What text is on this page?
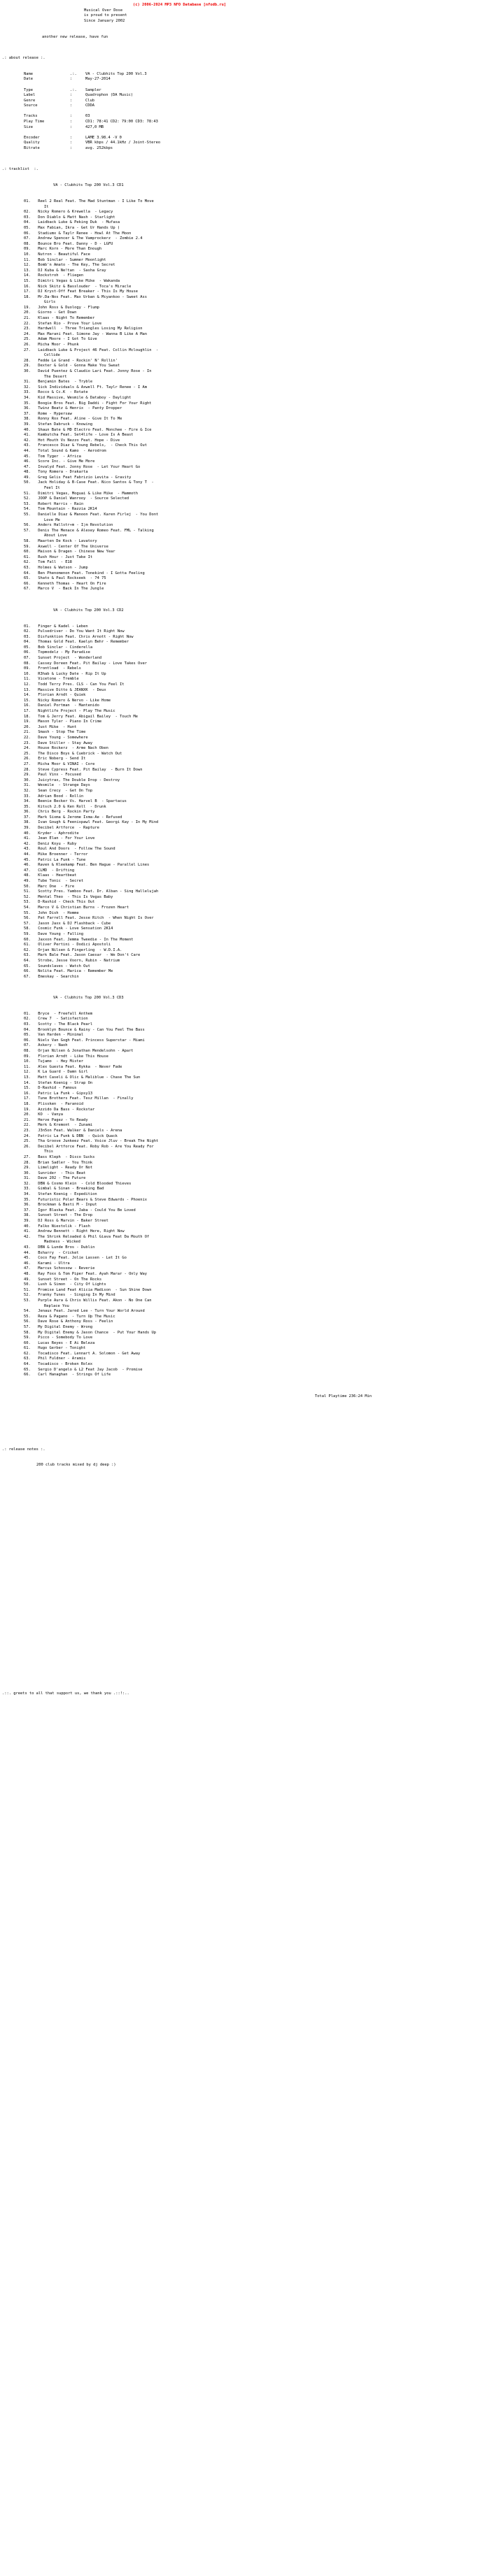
(c) 2006-2024 MP3 NFO Database [nfodb.ru]
Musical Over Dose
is proud to present
Since January 2002
another new release, have fun
.: about release :.
Name	.:.	VA - Clubhits Top 200 Vol.3
Date	:	May-27-2014

Type	.:.	Sampler
Label	:	Quadrophon (DA Music)
Genre	:	Club
Source	:	CDDA

Tracks	:	03
Play Time	:	CD1: 78:41 CD2: 79:00 CD3: 78:43
Size	:	427,0 MB

Encoder	:	LAME 3.98.4 -V 0
Quality	:	VBR kbps / 44.1kHz / Joint-Stereo
Bitrate	:	avg. 252kbps
.: tracklist  :.
VA - Clubhits Top 200 Vol.3 CD1
01. Reel 2 Real Feat. The Mad Stuntman - I Like To Move
It
02. Nicky Romero & Krewella  - Legacy
03. Don Diablo & Matt Nash - Starlight
04. Laidback Luke & Peking Duk  - Mufasa
05. Max Fabian, Ikra - Get Ur Hands Up )
06. Stadiumx & Taylr Renee - Howl At The Moon
07. Andrew Spencer & The Vamprockerz  - Zombie 2.4
08. Bounce Bro Feat. Danny - D - LGFU
09. Marc Korn - More Than Enough
10. Nutron - Beautiful Face
11. Bob Sinclar - Summer Moonlight
12. Bomb'n Amato - The Key, The Secret
13. DJ Kuba & Ne!tan  - Sasha Gray
14. Rockstroh  - Fliegen
15. Dimitri Vegas & Like Mike  - Wakanda
16. Nick Skitz & Basslouder  - Toca's Miracle
17. DJ Kryst-Off Feat Breaker - This Is My House
18. Mr.Da-Nos Feat. Max Urban & Mcyankoo - Sweet Ass
Girls
19. John Ross & Duology - Flump
20. Giorno - Get Down
21. Klaas - Night To Remember
22. Stefan Rio - Prove Your Love
23. Hardwell  - Three Triangles Losing My Religion
24. Max Marani Feat. Simone Jay - Wanna B Like A Man
25. Adam Moore - I Got To Give
26. Micha Moor - Phunk
27. Laidback Luke & Project 46 Feat. Collin Mcloughlin  -
Collide
28. Fedde Le Grand - Rockin' N' Rollin'
29. Dexter & Gold - Gonna Make You Sweat
30. David Puentez & Claudio Lari Feat. Jonny Rose - In
The Desert
31. Benjamin Bates  - Tryble
32. Sick Individuals & Axwell Ft. Taylr Renee - I Am
33. Rocco & Cc.K  - Rotate
34. Kid Massive, Wesmile & Databoy - Daylight
35. Boogie Bros Feat. Big Daddi - Fight For Your Right
36. Twinz Beatz & Henrix  - Panty Dropper
37. Rome - Hypersaw
38. Ronny Rox Feat. Aline - Give It To Me
39. Stefan Dabruck - Knowing
40. Shaun Bate & MD Electro Feat. Monchee - Fire & Ice
41. Kambutcha Feat. Set4life - Love Is A Beast
42. Hot Mouth Vs Nezzo Feat. Hope - Dive
43. Francesco Diaz & Young Rebels,  - Check This Out
44. Total Sound & Kamo  - Aerodrom
45. Tom Tyger  - Africa
46. Score Inc. - Give Me More
47. Invalyd Feat. Jonny Rose  - Let Your Heart Go
48. Tony Romera - Drakarta
49. Greg Gelis Feat Fabrizio Levita - Gravity
50. Jack Holiday & B-Case Feat. Nico Santos & Tony T  -
Feel It
51. Dimitri Vegas, Moguai & Like Mike  - Mammoth
52. JOOP & Daniel Wanrooy  - Source Selected
53. Robert Harris - Rain
54. Tom Mountain - Razzia 2K14
55. Danielle Diaz & Manoon Feat. Karen Firlej  - You Dont
Love Me
56. Anders Hallstr÷m - I¦m Revolution
57. Denis The Menace & Alexey Romeo Feat. FML - Talking
About Love
58. Maarten De Kock - Lavatory
59. Axwell - Center Of The Universe
60. Maison & Dragen - Chinese New Year
61. Rush Hour - Just Take It
62. Tom Fall  - E18
63. Holmes & Watson - Jump
64. Ben Phenomenon Feat. Tonekind - I Gotta Feeling
65. Shato & Paul Rockseek  - 74 75
66. Kenneth Thomas - Heart On Fire
67. Marco V  - Back In The Jungle
VA - Clubhits Top 200 Vol.3 CD2
01. Finger & Kadel - Leben
02. Pulsedriver - Do You Want It Right Now
03. Disfunktion Feat. Chris Arnott - Right Now
04. Thomas Gold Feat. Kaelyn Behr - Remember
05. Bob Sinclar - Cinderella
06. Topmodelz - My Paradise
07. Sunset Project  - Wonderland
08. Cassey Doreen Feat. Pit Bailay - Love Takes Over
09. Frontload  - Rebels
10. R3hab & Lucky Date - Rip It Up
11. Vicetone - Tremble
12. Todd Terry Pres. CLS - Can You Feel It
13. Massive Ditto & JEANXK  - Deux
14. Florian Arndt - Quiek
15. Nicky Romero & Nervo - Like Home
16. Daniel Portman  - Mantenido
17. Nightlife Project - Play The Music
18. Tom & Jerry Feat. Abigail Bailey  - Touch Me
19. Mason Tyler - Piano In Crime
20. Just Mike  - Hunt
21. Smash - Stop The Time
22. Dave Young - Somewhere
23. Dave Stiller - Stay Away
24. House Rockerz  - Arme Nach Oben
25. The Disco Boys & Cuebrick - Watch Out
26. Eric Noberg - Send It
27. Micha Moor & VINAI - Core
28. Steve Cypress Feat. Pit Bailay  - Burn It Down
29. Paul Vinx - Focused
30. Juicytrax, The Double Drop - Destroy
31. Wesmile  - Strange Days
32. Sean Crecy  - Get On Top
33. Adrian Bood - Rollin
34. Beenie Becker Vs. Harvel B  - Spartacus
35. Kitsch 2.0 & Ken Roll  - Drunk
36. Chris Berg - Rockin Party
37. Mark Sixma & Jerome Isma-Ae - Refused
38. Ivan Gough & Feenixpawl Feat. Georgi Kay - In My Mind
39. Decibel Artforce  - Rapture
40. Kryder - Aphrodite
41. Jean Elan - For Your Love
42. Deniz Koyu - Ruby
43. Roul And Doors  - Follow The Sound
44. Mike Broenner - Terror
45. Patric La Funk - Tune
46. Raven & Kleekamp Feat. Ben Hague - Parallel Lines
47. CLMD  - Drifting
48. Klaas - Heartbeat
49. Tube Tonic  - Secret
50. Marc One  - Fire
51. Scotty Pres. Yamboo Feat. Dr. Alban - Sing Hallelujah
52. Mental Theo  - This Is Vegas Baby
53. D-Rashid - Check This Out
54. Marco V & Christian Burns - Frozen Heart
55. John Dish  - Homme
56. Pat Farrell Feat. Jesse Ritch  - When Night Is Over
57. Jason Jaxx & DJ Flashback - Cube
58. Cosmic Funk - Love Sensation 2K14
59. Dave Young - Falling
60. Jaxxon Feat. Jemma Tweedie - In The Moment
61. Oliver Pertini - Dodici Apostoli
62. Orjan Nilsen & Fingerling  - W.D.I.A.
63. Mark Bale Feat. Jason Caesar  - We Don't Care
64. Strobe, Jesse Voorn, Rubin - Natrium
65. Soundslaves - Watch Out
66. Nolita Feat. Marica - Remember Me
67. Emeskay - Searchin
VA - Clubhits Top 200 Vol.3 CD3
01. Bryce  - Freefall Anthem
02. Crew 7  - Satisfaction
03. Scotty - The Black Pearl
04. Brooklyn Bounce & Rainy - Can You Feel The Bass
05. Van Harden - Minimal
06. Niels Van Gogh Feat. Princess Superstar - Miami
07. Askery - Naoh
08. Orjan Nilsen & Jonathan Mendelsohn - Apart
09. Florian Arndt - Like This House
10. Tujamo  - Hey Mister
11. Alex Guesta Feat. Rykka  - Never Fade
12. K La Guard - Damn Girl
13. Matt Caseli & Olic & Maliblue - Chase The Sun
14. Stefan Koenig - Strap On
15. D-Rashid - Famous
16. Patric La Funk - Gipsy13
17. Tune Brothers Feat. Tesz Millan  - Finally
18. Plissken  - Paranoid
19. Azzido Da Bass - Rockstar
20. KO  - Vanya
21. Herve Pagez - Yo Ready
22. Merk & Kremont  - Zunami
23. J3n5on Feat. Walker & Daniels - Arena
24. Patric La Funk & DBN  - Quick Quack
25. Tha Groove Junkeez Feat. Voice Jluv - Break The Night
26. Decibel Artforce Feat. Roby Rob - Are You Ready For
This
27. Bass Kleph  - Disco Sucks
28. Brian Sadler - You Think
29. Limelight - Ready Or Not
30. Sunrider  - This Beat
31. Dave 202 - The Future
32. DBN & Cosmo Klein  - Cold Blooded Thieves
33. Gimbal & Sinan - Breaking Bad
34. Stefan Koenig - Expedition
35. Futuristic Polar Bears & Steve Edwards - Phoenix
36. Brockman & Basti M - Input
37. Igor Blaska Feat. Jaba - Could You Be Loved
38. Sunset Street - The Drop
39. DJ Ross & Marvin - Baker Street
40. Falko Niestolik - Flash
41. Andrew Bennett - Right Here, Right Now
42. The Shrink Reloaded & Phil Giava Feat Da Mouth Of
Madness - Wicked
43. DBN & Lunde Bros - Dublin
44. Bsharry  - Cricket
45. Coco Fay Feat. Jolie Lassen - Let It Go
46. Karami - Ultra
47. Marcus Schossow - Reverie
48. Ray Foxx & Tom Piper Feat. Ayah Marar - Only Way
49. Sunset Street - On The Rocks
50. Lush & Simon  - City Of Lights
51. Promise Land Feat Alicia Madison  - Sun Shine Down
52. Franky Tunes  - Singing In My Mind
53. Purple Aura & Chris Willis Feat. Akon - No One Can
Replace You
54. Jenaux Feat. Jared Lee - Turn Your World Around
55. Reza & Pagano  - Turn Up The Music
56. Dave Rose & Anthony Ross - Feelin
57. My Digital Enemy - Wrong
58. My Digital Enemy & Jason Chance  - Put Your Hands Up
59. Picco - Somebody To Love
60. Lucas Reyes - E Ai Beleza
61. Hugo Gerber - Tonight
62. Tocadisco Feat. Lennart A. Solomon - Get Away
63. Phil Fuldner - Aramis
64. Tocadisco - Broken Rolex
65. Sergio D'angelo & L2 Feat Jay Jacob  - Promise
66. Carl Hanaghan  - Strings Of Life
Total Playtime 236:24 Min
.: release notes :.
200 club tracks mixed by dj deep :)
.::. greets to all that support us, we thank you .::!:..
